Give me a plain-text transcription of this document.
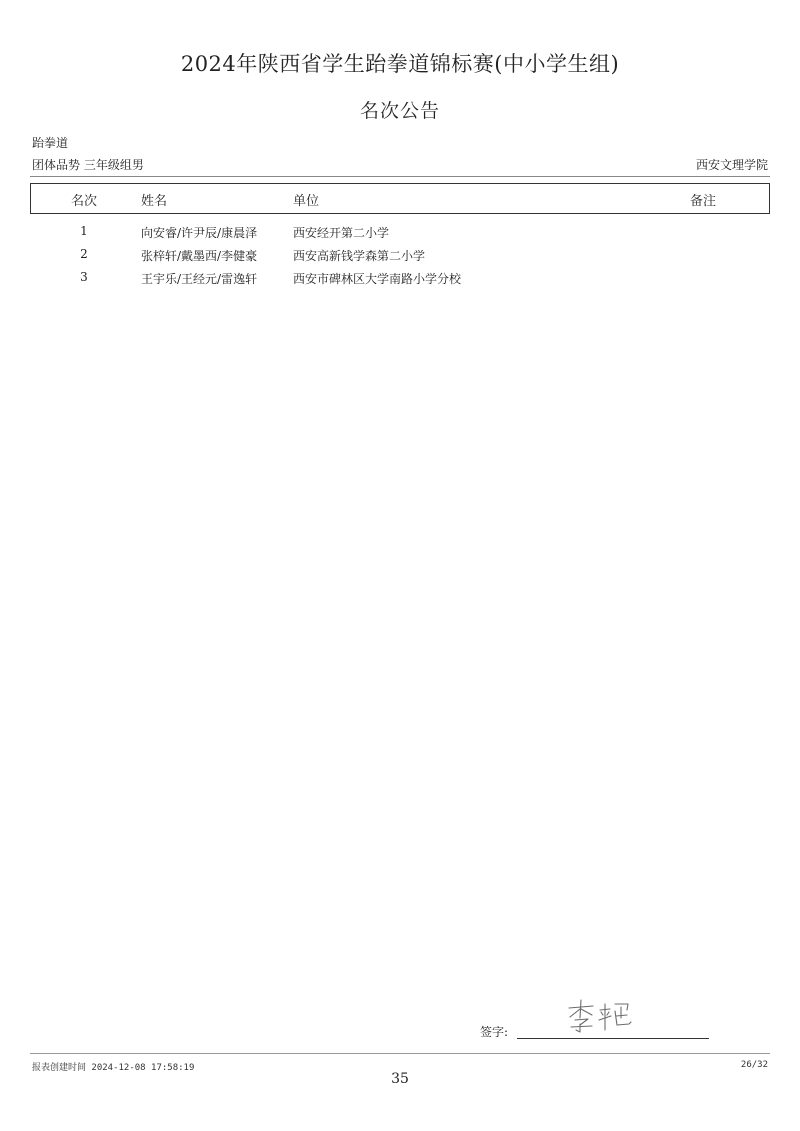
2024年陕西省学生跆拳道锦标赛(中小学生组)
名次公告
跆拳道
团体品势 三年级组男	西安文理学院
名次	姓名	单位	备注
1	向安睿/许尹辰/康晨泽	西安经开第二小学
2	张梓轩/戴墨西/李健豪	西安高新钱学森第二小学
3	王宇乐/王经元/雷逸轩	西安市碑林区大学南路小学分校
签字:
报表创建时间 2024-12-08 17:58:19	26/32
35
